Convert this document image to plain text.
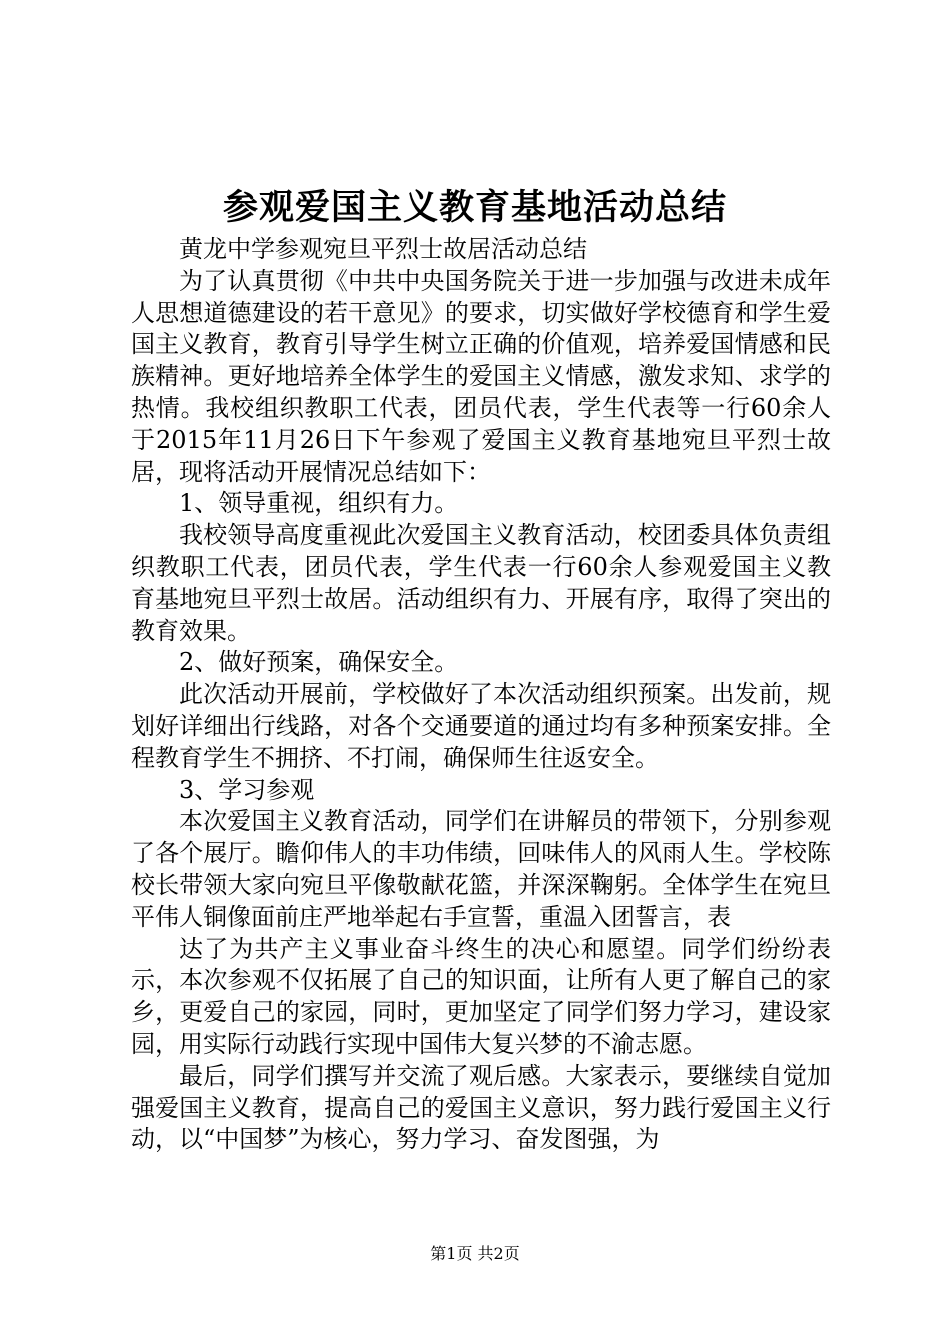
参观爱国主义教育基地活动总结

黄龙中学参观宛旦平烈士故居活动总结

为了认真贯彻《中共中央国务院关于进一步加强与改进未成年人思想道德建设的若干意见》的要求，切实做好学校德育和学生爱国主义教育，教育引导学生树立正确的价值观，培养爱国情感和民族精神。更好地培养全体学生的爱国主义情感，激发求知、求学的热情。我校组织教职工代表，团员代表，学生代表等一行60余人于2015年11月26日下午参观了爱国主义教育基地宛旦平烈士故居，现将活动开展情况总结如下：

1、领导重视，组织有力。

我校领导高度重视此次爱国主义教育活动，校团委具体负责组织教职工代表，团员代表，学生代表一行60余人参观爱国主义教育基地宛旦平烈士故居。活动组织有力、开展有序，取得了突出的教育效果。

2、做好预案，确保安全。

此次活动开展前，学校做好了本次活动组织预案。出发前，规划好详细出行线路，对各个交通要道的通过均有多种预案安排。全程教育学生不拥挤、不打闹，确保师生往返安全。

3、学习参观

本次爱国主义教育活动，同学们在讲解员的带领下，分别参观了各个展厅。瞻仰伟人的丰功伟绩，回味伟人的风雨人生。学校陈校长带领大家向宛旦平像敬献花篮，并深深鞠躬。全体学生在宛旦平伟人铜像面前庄严地举起右手宣誓，重温入团誓言，表

达了为共产主义事业奋斗终生的决心和愿望。同学们纷纷表示，本次参观不仅拓展了自己的知识面，让所有人更了解自己的家乡，更爱自己的家园，同时，更加坚定了同学们努力学习，建设家园，用实际行动践行实现中国伟大复兴梦的不渝志愿。

最后，同学们撰写并交流了观后感。大家表示，要继续自觉加强爱国主义教育，提高自己的爱国主义意识，努力践行爱国主义行动，以“中国梦”为核心，努力学习、奋发图强，为

第1页 共2页
